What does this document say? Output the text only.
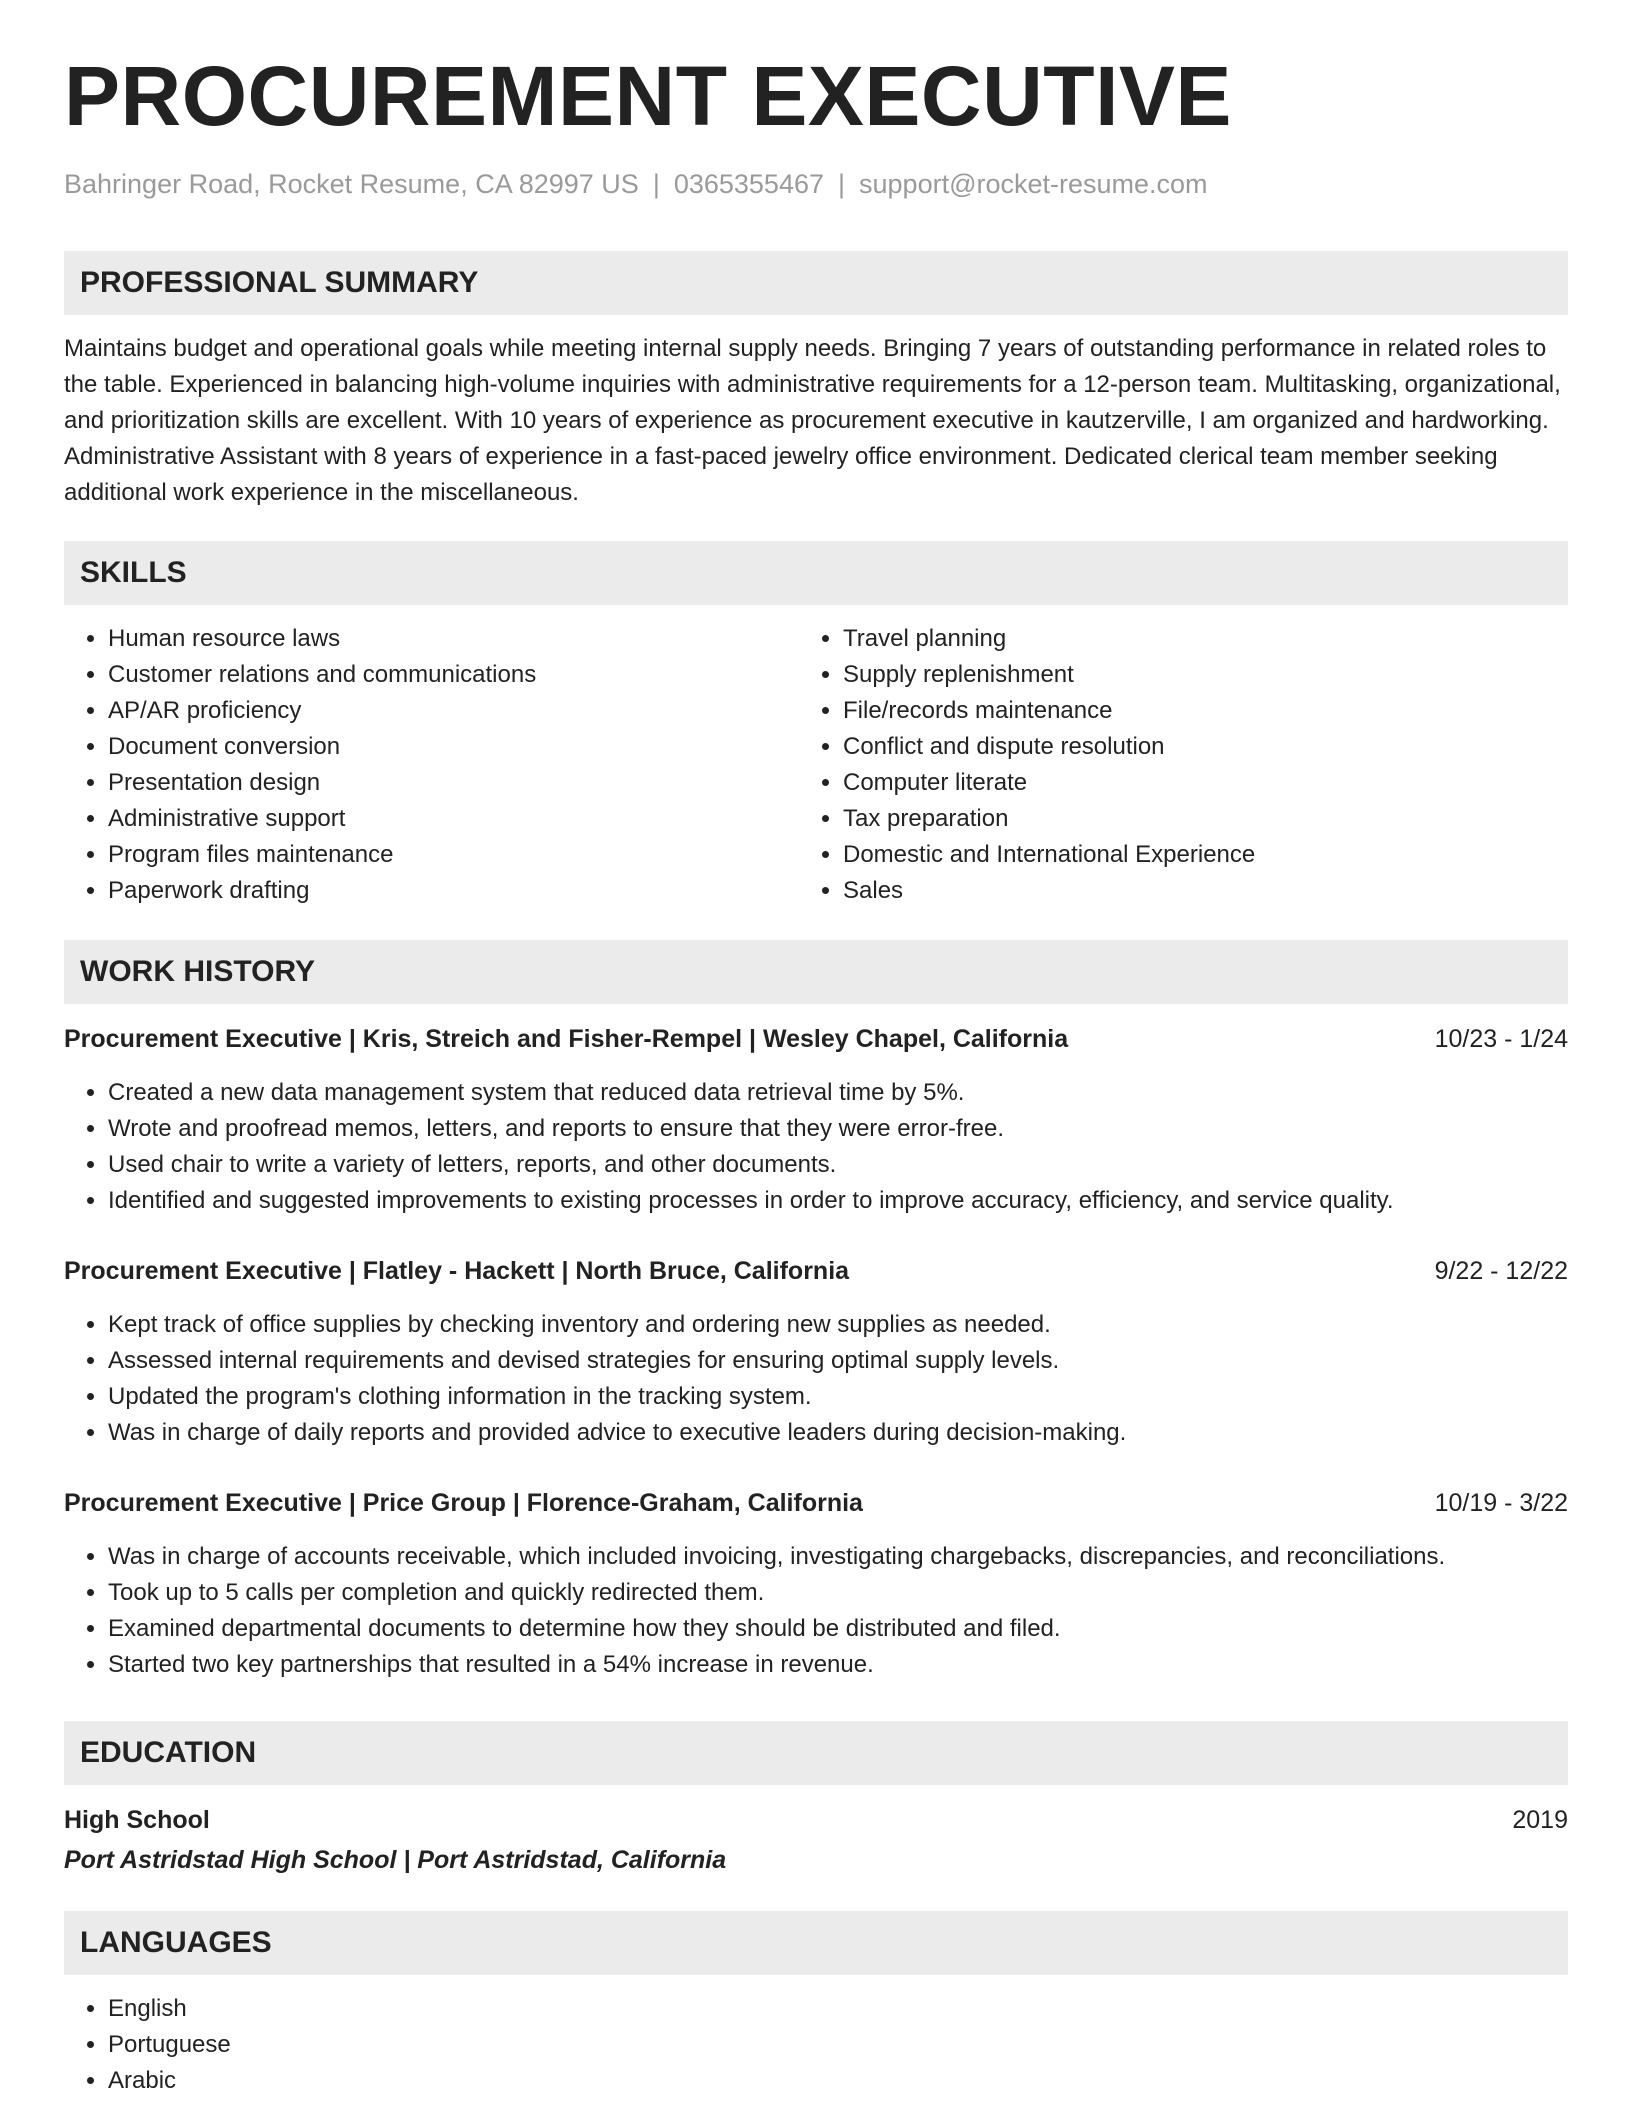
PROCUREMENT EXECUTIVE
Bahringer Road, Rocket Resume, CA 82997 US | 0365355467 | support@rocket-resume.com
PROFESSIONAL SUMMARY
Maintains budget and operational goals while meeting internal supply needs. Bringing 7 years of outstanding performance in related roles to the table. Experienced in balancing high-volume inquiries with administrative requirements for a 12-person team. Multitasking, organizational, and prioritization skills are excellent. With 10 years of experience as procurement executive in kautzerville, I am organized and hardworking. Administrative Assistant with 8 years of experience in a fast-paced jewelry office environment. Dedicated clerical team member seeking additional work experience in the miscellaneous.
SKILLS
• Human resource laws
• Customer relations and communications
• AP/AR proficiency
• Document conversion
• Presentation design
• Administrative support
• Program files maintenance
• Paperwork drafting
• Travel planning
• Supply replenishment
• File/records maintenance
• Conflict and dispute resolution
• Computer literate
• Tax preparation
• Domestic and International Experience
• Sales
WORK HISTORY
Procurement Executive | Kris, Streich and Fisher-Rempel | Wesley Chapel, California	10/23 - 1/24
• Created a new data management system that reduced data retrieval time by 5%.
• Wrote and proofread memos, letters, and reports to ensure that they were error-free.
• Used chair to write a variety of letters, reports, and other documents.
• Identified and suggested improvements to existing processes in order to improve accuracy, efficiency, and service quality.
Procurement Executive | Flatley - Hackett | North Bruce, California	9/22 - 12/22
• Kept track of office supplies by checking inventory and ordering new supplies as needed.
• Assessed internal requirements and devised strategies for ensuring optimal supply levels.
• Updated the program's clothing information in the tracking system.
• Was in charge of daily reports and provided advice to executive leaders during decision-making.
Procurement Executive | Price Group | Florence-Graham, California	10/19 - 3/22
• Was in charge of accounts receivable, which included invoicing, investigating chargebacks, discrepancies, and reconciliations.
• Took up to 5 calls per completion and quickly redirected them.
• Examined departmental documents to determine how they should be distributed and filed.
• Started two key partnerships that resulted in a 54% increase in revenue.
EDUCATION
High School	2019
Port Astridstad High School | Port Astridstad, California
LANGUAGES
• English
• Portuguese
• Arabic
